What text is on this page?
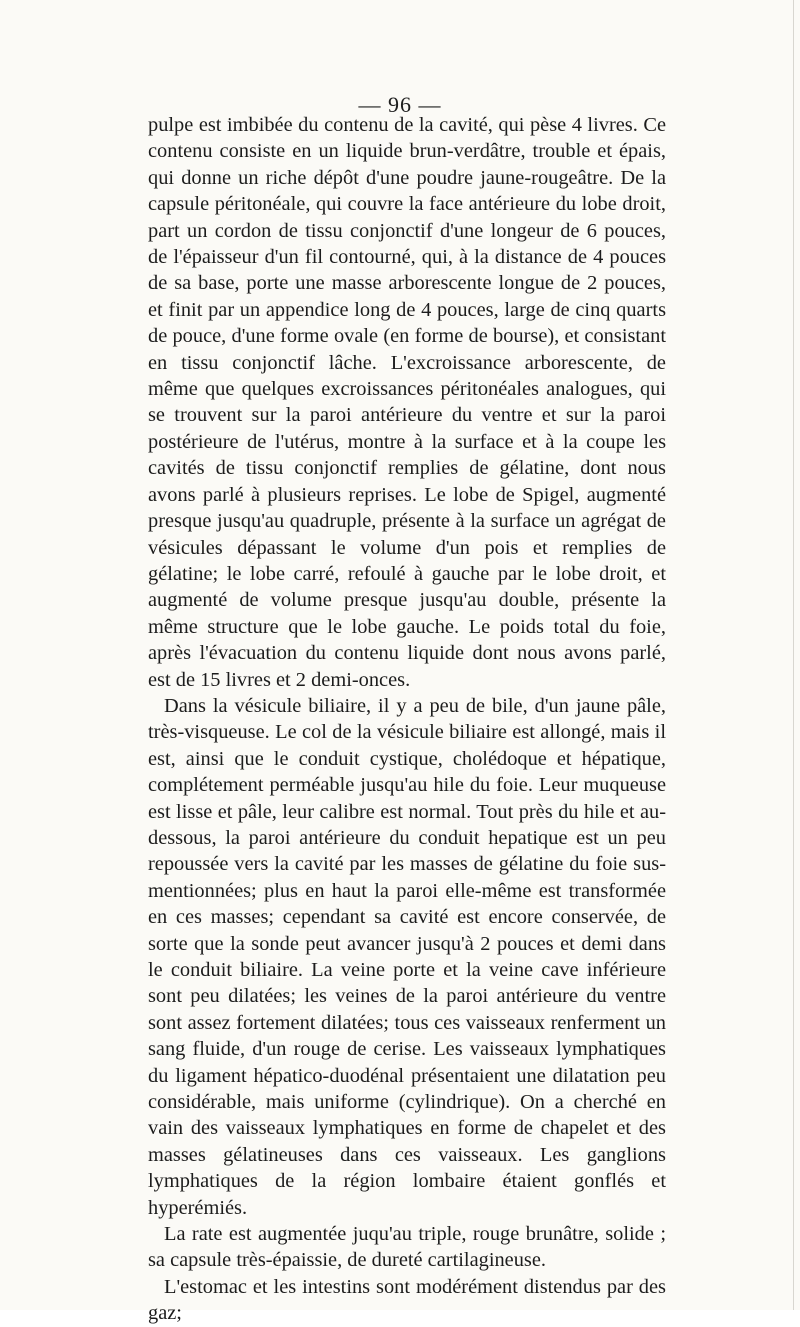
— 96 —

pulpe est imbibée du contenu de la cavité, qui pèse 4 livres. Ce contenu consiste en un liquide brun-verdâtre, trouble et épais, qui donne un riche dépôt d'une poudre jaune-rougeâtre. De la capsule péritonéale, qui couvre la face antérieure du lobe droit, part un cordon de tissu conjonctif d'une longeur de 6 pouces, de l'épaisseur d'un fil contourné, qui, à la distance de 4 pouces de sa base, porte une masse arborescente longue de 2 pouces, et finit par un appendice long de 4 pouces, large de cinq quarts de pouce, d'une forme ovale (en forme de bourse), et consistant en tissu conjonctif lâche. L'excroissance arborescente, de même que quelques excroissances péritonéales analogues, qui se trouvent sur la paroi antérieure du ventre et sur la paroi postérieure de l'utérus, montre à la surface et à la coupe les cavités de tissu conjonctif remplies de gélatine, dont nous avons parlé à plusieurs reprises. Le lobe de Spigel, augmenté presque jusqu'au quadruple, présente à la surface un agrégat de vésicules dépassant le volume d'un pois et remplies de gélatine; le lobe carré, refoulé à gauche par le lobe droit, et augmenté de volume presque jusqu'au double, présente la même structure que le lobe gauche. Le poids total du foie, après l'évacuation du contenu liquide dont nous avons parlé, est de 15 livres et 2 demi-onces.

Dans la vésicule biliaire, il y a peu de bile, d'un jaune pâle, très-visqueuse. Le col de la vésicule biliaire est allongé, mais il est, ainsi que le conduit cystique, cholédoque et hépatique, complétement perméable jusqu'au hile du foie. Leur muqueuse est lisse et pâle, leur calibre est normal. Tout près du hile et au-dessous, la paroi antérieure du conduit hepatique est un peu repoussée vers la cavité par les masses de gélatine du foie sus-mentionnées; plus en haut la paroi elle-même est transformée en ces masses; cependant sa cavité est encore conservée, de sorte que la sonde peut avancer jusqu'à 2 pouces et demi dans le conduit biliaire. La veine porte et la veine cave inférieure sont peu dilatées; les veines de la paroi antérieure du ventre sont assez fortement dilatées; tous ces vaisseaux renferment un sang fluide, d'un rouge de cerise. Les vaisseaux lymphatiques du ligament hépatico-duodénal présentaient une dilatation peu considérable, mais uniforme (cylindrique). On a cherché en vain des vaisseaux lymphatiques en forme de chapelet et des masses gélatineuses dans ces vaisseaux. Les ganglions lymphatiques de la région lombaire étaient gonflés et hyperémiés.

La rate est augmentée juqu'au triple, rouge brunâtre, solide ; sa capsule très-épaissie, de dureté cartilagineuse.

L'estomac et les intestins sont modérément distendus par des gaz;
